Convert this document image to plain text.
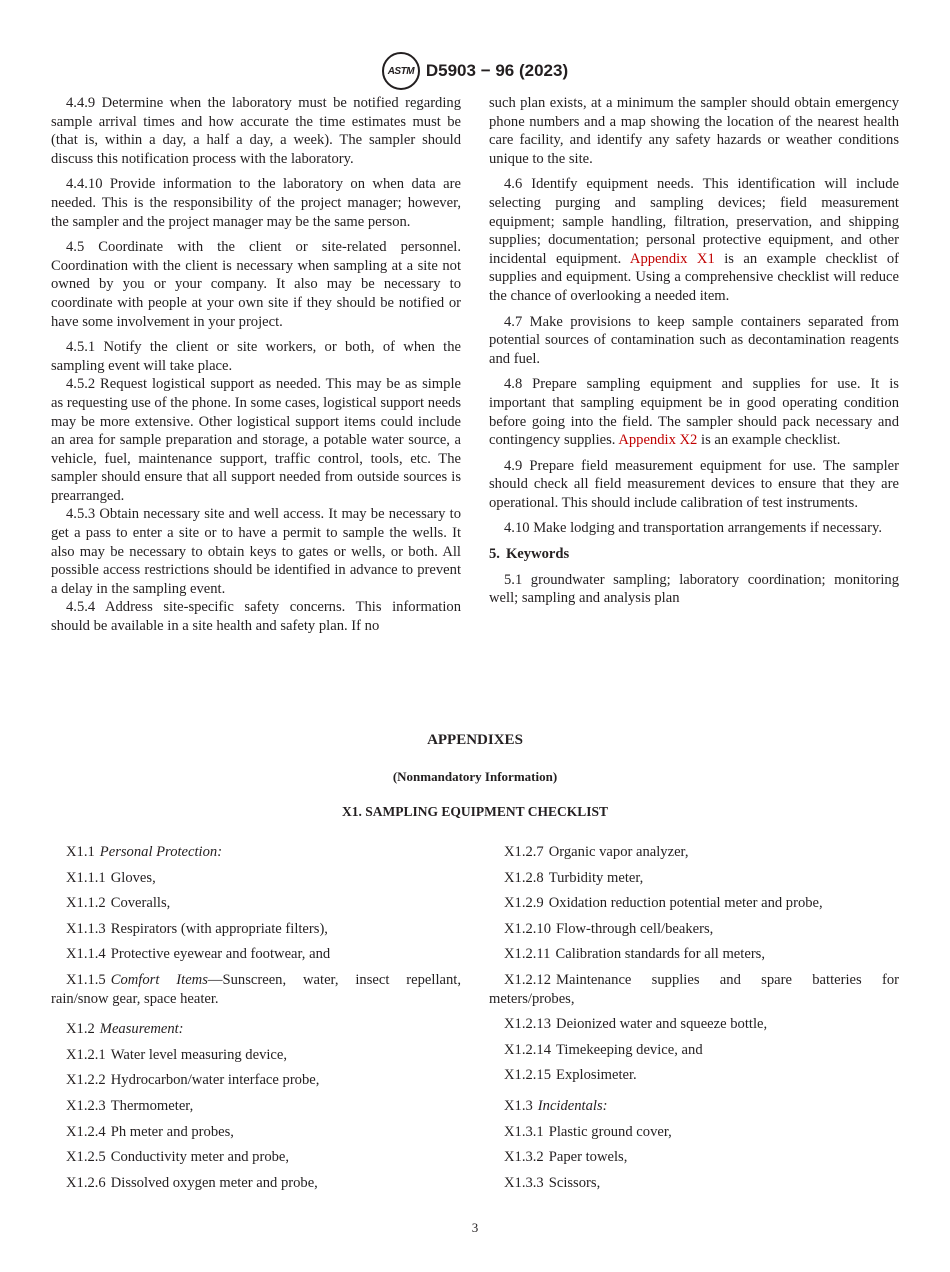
ASTM D5903 − 96 (2023)

4.4.9 Determine when the laboratory must be notified regarding sample arrival times and how accurate the time estimates must be (that is, within a day, a half a day, a week). The sampler should discuss this notification process with the laboratory.

4.4.10 Provide information to the laboratory on when data are needed. This is the responsibility of the project manager; however, the sampler and the project manager may be the same person.

4.5 Coordinate with the client or site-related personnel. Coordination with the client is necessary when sampling at a site not owned by you or your company. It also may be necessary to coordinate with people at your own site if they should be notified or have some involvement in your project.

4.5.1 Notify the client or site workers, or both, of when the sampling event will take place.

4.5.2 Request logistical support as needed. This may be as simple as requesting use of the phone. In some cases, logistical support needs may be more extensive. Other logistical support items could include an area for sample preparation and storage, a potable water source, a vehicle, fuel, maintenance support, traffic control, tools, etc. The sampler should ensure that all support needed from outside sources is prearranged.

4.5.3 Obtain necessary site and well access. It may be necessary to get a pass to enter a site or to have a permit to sample the wells. It also may be necessary to obtain keys to gates or wells, or both. All possible access restrictions should be identified in advance to prevent a delay in the sampling event.

4.5.4 Address site-specific safety concerns. This information should be available in a site health and safety plan. If no

such plan exists, at a minimum the sampler should obtain emergency phone numbers and a map showing the location of the nearest health care facility, and identify any safety hazards or weather conditions unique to the site.

4.6 Identify equipment needs. This identification will include selecting purging and sampling devices; field measurement equipment; sample handling, filtration, preservation, and shipping supplies; documentation; personal protective equipment, and other incidental equipment. Appendix X1 is an example checklist of supplies and equipment. Using a comprehensive checklist will reduce the chance of overlooking a needed item.

4.7 Make provisions to keep sample containers separated from potential sources of contamination such as decontamination reagents and fuel.

4.8 Prepare sampling equipment and supplies for use. It is important that sampling equipment be in good operating condition before going into the field. The sampler should pack necessary and contingency supplies. Appendix X2 is an example checklist.

4.9 Prepare field measurement equipment for use. The sampler should check all field measurement devices to ensure that they are operational. This should include calibration of test instruments.

4.10 Make lodging and transportation arrangements if necessary.

5. Keywords

5.1 groundwater sampling; laboratory coordination; monitoring well; sampling and analysis plan

APPENDIXES
(Nonmandatory Information)
X1. SAMPLING EQUIPMENT CHECKLIST
X1.1 Personal Protection:
X1.1.1 Gloves,
X1.1.2 Coveralls,
X1.1.3 Respirators (with appropriate filters),
X1.1.4 Protective eyewear and footwear, and
X1.1.5 Comfort Items—Sunscreen, water, insect repellant, rain/snow gear, space heater.
X1.2 Measurement:
X1.2.1 Water level measuring device,
X1.2.2 Hydrocarbon/water interface probe,
X1.2.3 Thermometer,
X1.2.4 Ph meter and probes,
X1.2.5 Conductivity meter and probe,
X1.2.6 Dissolved oxygen meter and probe,
X1.2.7 Organic vapor analyzer,
X1.2.8 Turbidity meter,
X1.2.9 Oxidation reduction potential meter and probe,
X1.2.10 Flow-through cell/beakers,
X1.2.11 Calibration standards for all meters,
X1.2.12 Maintenance supplies and spare batteries for meters/probes,
X1.2.13 Deionized water and squeeze bottle,
X1.2.14 Timekeeping device, and
X1.2.15 Explosimeter.
X1.3 Incidentals:
X1.3.1 Plastic ground cover,
X1.3.2 Paper towels,
X1.3.3 Scissors,
3
